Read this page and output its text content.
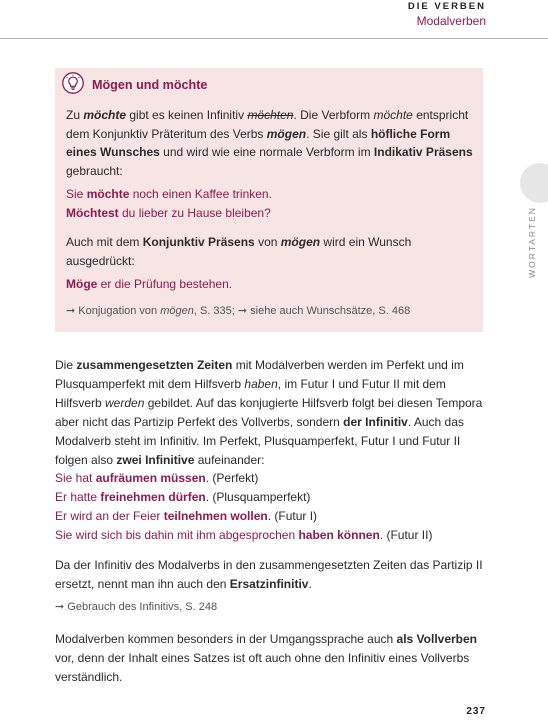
DIE VERBEN
Modalverben
WORTARTEN
Mögen und möchte
Zu möchte gibt es keinen Infinitiv möchten. Die Verbform möchte entspricht dem Konjunktiv Präteritum des Verbs mögen. Sie gilt als höfliche Form eines Wunsches und wird wie eine normale Verbform im Indikativ Präsens gebraucht:
Sie möchte noch einen Kaffee trinken.
Möchtest du lieber zu Hause bleiben?
Auch mit dem Konjunktiv Präsens von mögen wird ein Wunsch ausgedrückt:
Möge er die Prüfung bestehen.
➞ Konjugation von mögen, S. 335; ➞ siehe auch Wunschsätze, S. 468
Die zusammengesetzten Zeiten mit Modalverben werden im Perfekt und im Plusquamperfekt mit dem Hilfsverb haben, im Futur I und Futur II mit dem Hilfsverb werden gebildet. Auf das konjugierte Hilfsverb folgt bei diesen Tempora aber nicht das Partizip Perfekt des Vollverbs, sondern der Infinitiv. Auch das Modalverb steht im Infinitiv. Im Perfekt, Plusquamperfekt, Futur I und Futur II folgen also zwei Infinitive aufeinander:
Sie hat aufräumen müssen. (Perfekt)
Er hatte freinehmen dürfen. (Plusquamperfekt)
Er wird an der Feier teilnehmen wollen. (Futur I)
Sie wird sich bis dahin mit ihm abgesprochen haben können. (Futur II)
Da der Infinitiv des Modalverbs in den zusammengesetzten Zeiten das Partizip II ersetzt, nennt man ihn auch den Ersatzinfinitiv.
➞ Gebrauch des Infinitivs, S. 248
Modalverben kommen besonders in der Umgangssprache auch als Vollverben vor, denn der Inhalt eines Satzes ist oft auch ohne den Infinitiv eines Vollverbs verständlich.
237
